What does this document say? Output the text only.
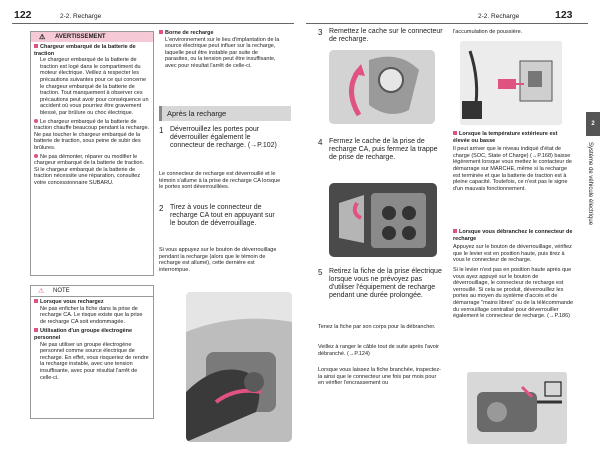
122	2-2. Recharge
⚠ AVERTISSEMENT

Chargeur embarqué de la batterie de traction

Le chargeur embarqué de la batterie de traction est logé dans le compartiment du moteur électrique. Veillez à respecter les précautions suivantes pour ce qui concerne le chargeur embarqué de la batterie de traction. Tout manquement à observer ces précautions peut avoir pour conséquence un accident où vous pourriez être gravement blessé, par brûlure ou choc électrique.

Le chargeur embarqué de la batterie de traction chauffe beaucoup pendant la recharge. Ne pas toucher le chargeur embarqué de la batterie de traction, sous peine de subir des brûlures.

Ne pas démonter, réparer ou modifier le chargeur embarqué de la batterie de traction. Si le chargeur embarqué de la batterie de traction nécessite une réparation, consultez votre concessionnaire SUBARU.

⚠ NOTE

Lorsque vous rechargez

Ne pas enficher la fiche dans la prise de recharge CA. Le risque existe que la prise de recharge CA soit endommagée.

Utilisation d'un groupe électrogène personnel

Ne pas utiliser un groupe électrogène personnel comme source électrique de recharge. En effet, vous risqueriez de rendre la recharge instable, avec une tension insuffisante, avec pour résultat l'arrêt de celle-ci.

Borne de recharge

L'environnement sur le lieu d'implantation de la source électrique peut influer sur la recharge, laquelle peut être instable par suite de parasites, ou la tension peut être insuffisante, avec pour résultat l'arrêt de celle-ci.

Après la recharge
1 Déverrouillez les portes pour déverrouiller également le connecteur de recharge. (→P.102)

Le connecteur de recharge est déverrouillé et le témoin s'allume à la prise de recharge CA lorsque le portes sont déverrouillées.

2 Tirez à vous le connecteur de recharge CA tout en appuyant sur le bouton de déverrouillage.

Si vous appuyez sur le bouton de déverrouillage pendant la recharge (alors que le témoin de recharge est allumé), cette dernière est interrompue.

2-2. Recharge	123
3 Remettez le cache sur le connecteur de recharge.

4 Fermez le cache de la prise de recharge CA, puis fermez la trappe de prise de recharge.

5 Retirez la fiche de la prise électrique lorsque vous ne prévoyez pas d'utiliser l'équipement de recharge pendant une durée prolongée.

Tenez la fiche par son corps pour la débrancher.

Veillez à ranger le câble tout de suite après l'avoir débranché. (→P.124)

Lorsque vous laissez la fiche branchée, inspectez-la ainsi que le connecteur une fois par mois pour en vérifier l'encrassement ou

l'accumulation de poussière.

Lorsque la température extérieure est élevée ou basse

Il peut arriver que le niveau indiqué d'état de charge (SOC, State of Charge) (→P.168) baisse légèrement lorsque vous mettez le contacteur de démarrage sur MARCHE, même si la recharge est terminée et que la batterie de traction est à pleine capacité. Toutefois, ce n'est pas le signe d'un mauvais fonctionnement.

Lorsque vous débranchez le connecteur de recharge

Appuyez sur le bouton de déverrouillage, vérifiez que le levier est en position haute, puis tirez à vous le connecteur de recharge.

Si le levier n'est pas en position haute après que vous ayez appuyé sur le bouton de déverrouillage, le connecteur de recharge est verrouillé. Si cela se produit, déverrouillez les portes au moyen du système d'accès et de démarrage "mains libres" ou de la télécommande du verrouillage centralisé pour déverrouiller également le connecteur de recharge. (→P.186)

2
Système de véhicule électrique
